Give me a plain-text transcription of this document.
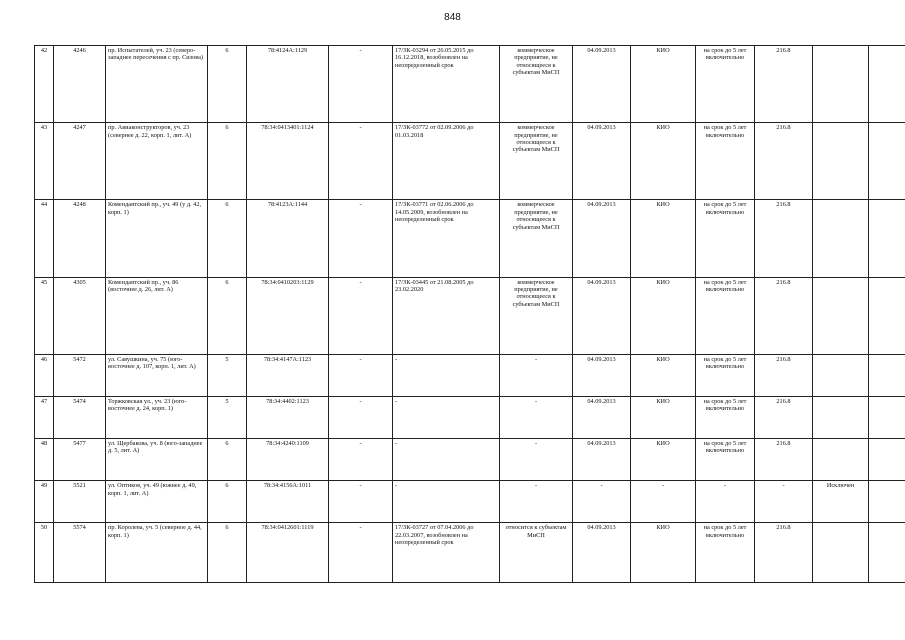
848
42	4246	пр. Испытателей, уч. 23 (северо-западнее пересечения с пр. Сизова)	6	78:4124А:1129	-	17/ЗК-03294 от 26.05.2015 до 16.12.2018, возобновлен на неопределенный срок	коммерческое предприятие, не относящееся к субъектам МиСП	04.09.2013	КИО	на срок до 5 лет включительно	216.8		
43	4247	пр. Авиаконструкторов, уч. 23 (севернее д. 22, корп. 1, лит. А)	6	78:34:0413401:1124	-	17/ЗК-03772 от 02.09.2006 до 01.03.2018	коммерческое предприятие, не относящееся к субъектам МиСП	04.09.2013	КИО	на срок до 5 лет включительно	216.8		
44	4248	Комендантский пр., уч. 49 (у д. 42, корп. 1)	6	78:4123А:1144	-	17/ЗК-03771 от 02.06.2006 до 14.05.2009, возобновлен на неопределенный срок	коммерческое предприятие, не относящееся к субъектам МиСП	04.09.2013	КИО	на срок до 5 лет включительно	216.8		
45	4305	Комендантский пр., уч. 86 (восточнее д. 26, лит. А)	6	78:34:0410203:1129	-	17/ЗК-03445 от 21.08.2005 до 23.02.2020	коммерческое предприятие, не относящееся к субъектам МиСП	04.09.2013	КИО	на срок до 5 лет включительно	216.8		
46	5472	ул. Савушкина, уч. 75 (юго-восточнее д. 107, корп. 1, лит. А)	5	78:34:4147А:1123	-	-	-	04.09.2013	КИО	на срок до 5 лет включительно	216.8		
47	5474	Торжковская ул., уч. 23 (юго-восточнее д. 24, корп. 1)	5	78:34:4402:1123	-	-	-	04.09.2013	КИО	на срок до 5 лет включительно	216.8		
48	5477	ул. Щербакова, уч. 8 (юго-западнее д. 5, лит. А)	6	78:34:4240:1109	-	-	-	04.09.2013	КИО	на срок до 5 лет включительно	216.8		
49	5521	ул. Оптиков, уч. 49 (южнее д. 49, корп. 1, лит. А)	6	78:34:4156А:1011	-	-	-	-	-	-	-	Исключен	
50	5574	пр. Королева, уч. 5 (северное д. 44, корп. 1)	6	78:34:0412601:1119	-	17/ЗК-03727 от 07.04.2006 до 22.03.2007, возобновлен на неопределенный срок	относится к субъектам МиСП	04.09.2013	КИО	на срок до 5 лет включительно	216.8		
